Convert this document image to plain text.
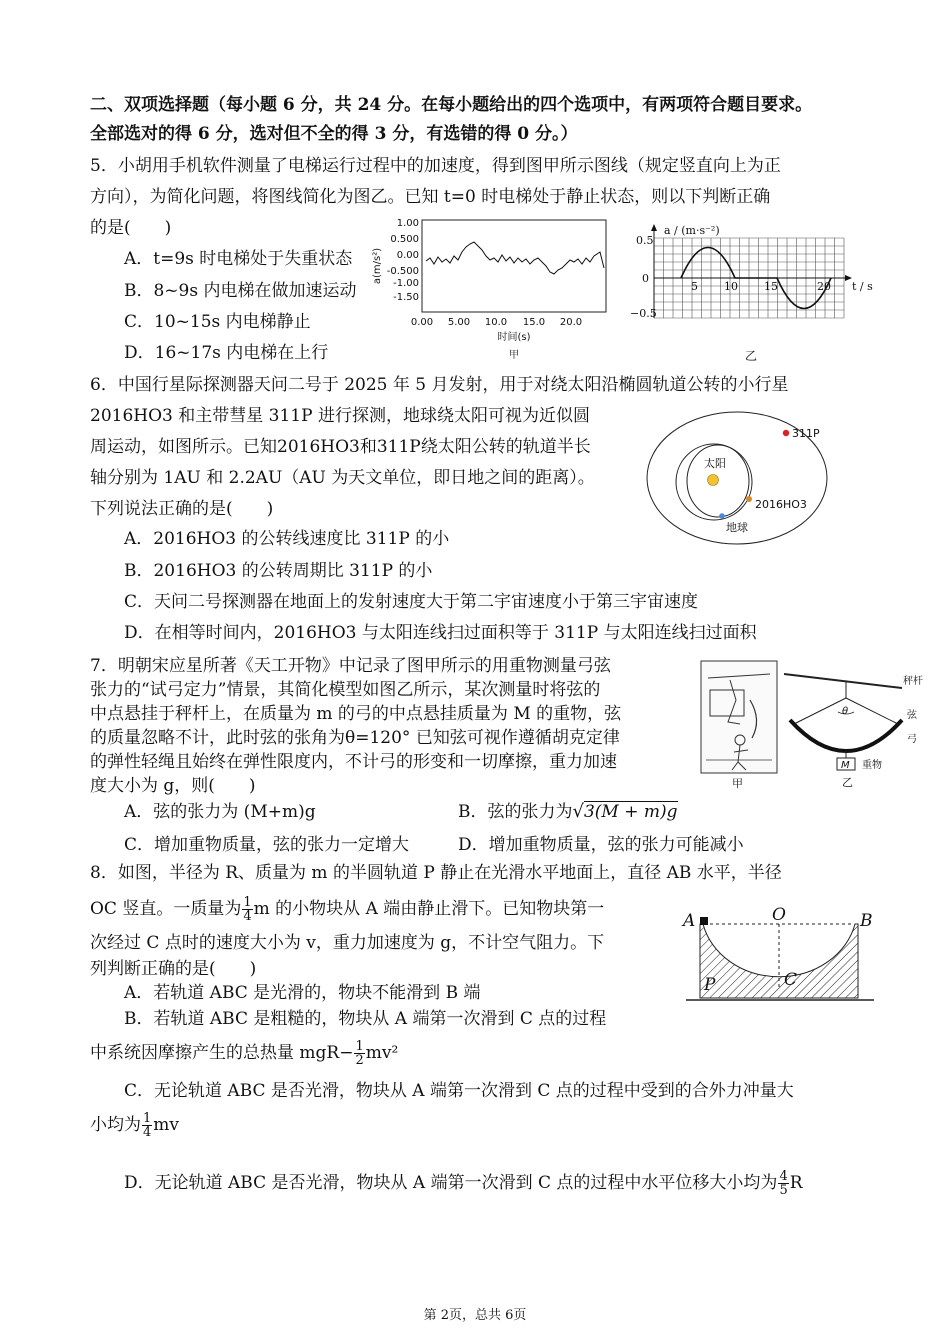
二、双项选择题（每小题 6 分，共 24 分。在每小题给出的四个选项中，有两项符合题目要求。
全部选对的得 6 分，选对但不全的得 3 分，有选错的得 0 分。）
5．小胡用手机软件测量了电梯运行过程中的加速度，得到图甲所示图线（规定竖直向上为正
方向），为简化问题，将图线简化为图乙。已知 t=0 时电梯处于静止状态，则以下判断正确
的是(　　)
A．t=9s 时电梯处于失重状态
B．8~9s 内电梯在做加速运动
C．10~15s 内电梯静止
D．16~17s 内电梯在上行
1.00
0.500
0.00
-0.500
-1.00
-1.50
0.00 5.00 10.0 15.0 20.0
时间(s)
甲
a(m/s²)
a / (m·s⁻²)
0.5
0
−0.5
5 10 15	20 t / s
乙
6．中国行星际探测器天问二号于 2025 年 5 月发射，用于对绕太阳沿椭圆轨道公转的小行星
2016HO3 和主带彗星 311P 进行探测，地球绕太阳可视为近似圆
周运动，如图所示。已知2016HO3和311P绕太阳公转的轨道半长
轴分别为 1AU 和 2.2AU（AU 为天文单位，即日地之间的距离）。
下列说法正确的是(　　)
A．2016HO3 的公转线速度比 311P 的小
B．2016HO3 的公转周期比 311P 的小
C．天问二号探测器在地面上的发射速度大于第二宇宙速度小于第三宇宙速度
D．在相等时间内，2016HO3 与太阳连线扫过面积等于 311P 与太阳连线扫过面积
太阳
311P
2016HO3
地球
7．明朝宋应星所著《天工开物》中记录了图甲所示的用重物测量弓弦
张力的“试弓定力”情景，其简化模型如图乙所示，某次测量时将弦的
中点悬挂于秤杆上，在质量为 m 的弓的中点悬挂质量为 M 的重物，弦
的质量忽略不计，此时弦的张角为θ=120° 已知弦可视作遵循胡克定律
的弹性轻绳且始终在弹性限度内，不计弓的形变和一切摩擦，重力加速
度大小为 g，则(　　)
A．弦的张力为 (M+m)g	B．弦的张力为√3(M + m)g
C．增加重物质量，弦的张力一定增大	D．增加重物质量，弦的张力可能减小
甲
秤杆
θ	弦
弓
M 重物
乙
8．如图，半径为 R、质量为 m 的半圆轨道 P 静止在光滑水平地面上，直径 AB 水平，半径
OC 竖直。一质量为 $\frac{1}{4}$ m 的小物块从 A 端由静止滑下。已知物块第一
次经过 C 点时的速度大小为 v，重力加速度为 g，不计空气阻力。下
列判断正确的是(　　)
A．若轨道 ABC 是光滑的，物块不能滑到 B 端
B．若轨道 ABC 是粗糙的，物块从 A 端第一次滑到 C 点的过程
中系统因摩擦产生的总热量 $mgR- \frac{1}{2} mv^2$
C．无论轨道 ABC 是否光滑，物块从 A 端第一次滑到 C 点的过程中受到的合外力冲量大
小均为 $\frac{1}{4}$ mv
D．无论轨道 ABC 是否光滑，物块从 A 端第一次滑到 C 点的过程中水平位移大小均为 $\frac{4}{5}$ R
A	B
O
C
P
第 2页，总共 6页
